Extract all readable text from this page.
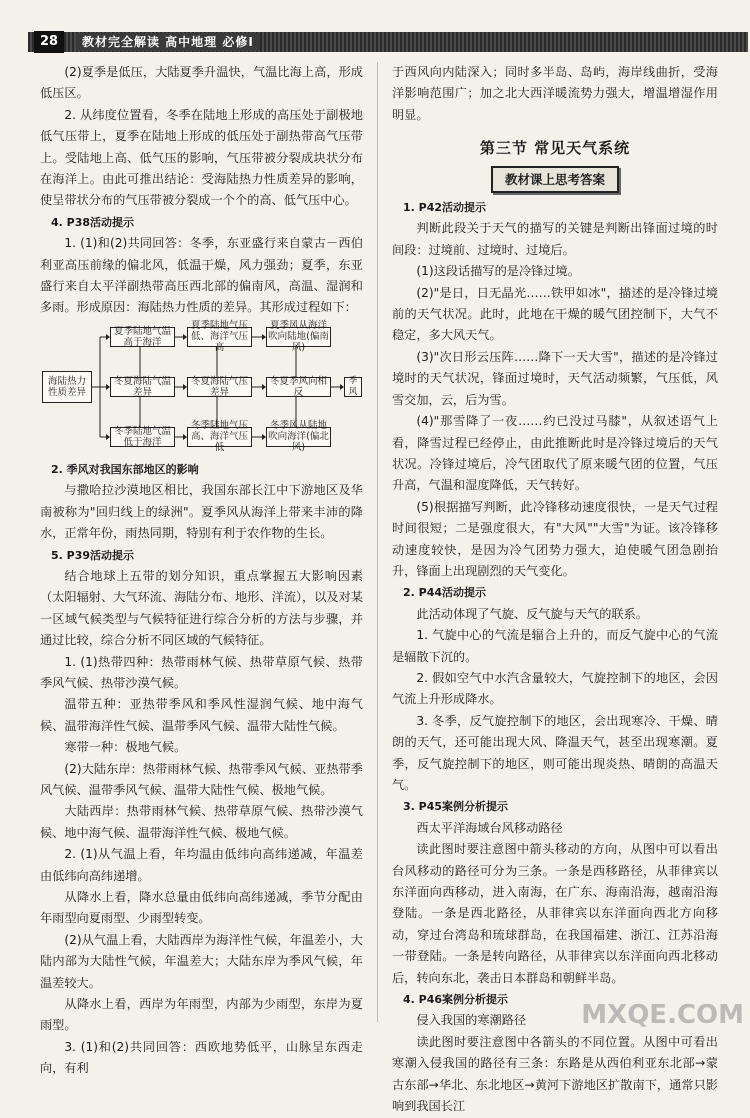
28	教材完全解读 高中地理 必修Ⅰ

(2)夏季是低压，大陆夏季升温快，气温比海上高，形成低压区。

2. 从纬度位置看，冬季在陆地上形成的高压处于副极地低气压带上，夏季在陆地上形成的低压处于副热带高气压带上。受陆地上高、低气压的影响，气压带被分裂成块状分布在海洋上。由此可推出结论：受海陆热力性质差异的影响，使呈带状分布的气压带被分裂成一个个的高、低气压中心。

4. P38活动提示

1. (1)和(2)共同回答：冬季，东亚盛行来自蒙古－西伯利亚高压前缘的偏北风，低温干燥，风力强劲；夏季，东亚盛行来自太平洋副热带高压西北部的偏南风，高温、湿润和多雨。形成原因：海陆热力性质的差异。其形成过程如下：

海陆热力 性质差异
夏季陆地气温高于海洋
夏季陆地气压低、海洋气压高
夏季风从海洋吹向陆地(偏南风)
冬夏海陆气温差异
冬夏海陆气压差异
冬夏季风向相反
季风
冬季陆地气温低于海洋
冬季陆地气压高、海洋气压低
冬季风从陆地吹向海洋(偏北风)

2. 季风对我国东部地区的影响

与撒哈拉沙漠地区相比，我国东部长江中下游地区及华南被称为"回归线上的绿洲"。夏季风从海洋上带来丰沛的降水，正常年份，雨热同期，特别有利于农作物的生长。

5. P39活动提示

结合地球上五带的划分知识，重点掌握五大影响因素（太阳辐射、大气环流、海陆分布、地形、洋流），以及对某一区域气候类型与气候特征进行综合分析的方法与步骤，并通过比较，综合分析不同区域的气候特征。

1. (1)热带四种：热带雨林气候、热带草原气候、热带季风气候、热带沙漠气候。

温带五种：亚热带季风和季风性湿润气候、地中海气候、温带海洋性气候、温带季风气候、温带大陆性气候。

寒带一种：极地气候。

(2)大陆东岸：热带雨林气候、热带季风气候、亚热带季风气候、温带季风气候、温带大陆性气候、极地气候。

大陆西岸：热带雨林气候、热带草原气候、热带沙漠气候、地中海气候、温带海洋性气候、极地气候。

2. (1)从气温上看，年均温由低纬向高纬递减，年温差由低纬向高纬递增。

从降水上看，降水总量由低纬向高纬递减，季节分配由年雨型向夏雨型、少雨型转变。

(2)从气温上看，大陆西岸为海洋性气候，年温差小，大陆内部为大陆性气候，年温差大；大陆东岸为季风气候，年温差较大。

从降水上看，西岸为年雨型，内部为少雨型，东岸为夏雨型。

3. (1)和(2)共同回答：西欧地势低平，山脉呈东西走向，有利

于西风向内陆深入；同时多半岛、岛屿，海岸线曲折，受海洋影响范围广；加之北大西洋暖流势力强大，增温增湿作用明显。

第三节 常见天气系统
教材课上思考答案

1. P42活动提示

判断此段关于天气的描写的关键是判断出锋面过境的时间段：过境前、过境时、过境后。

(1)这段话描写的是冷锋过境。

(2)"是日，日无晶光……铁甲如冰"，描述的是冷锋过境前的天气状况。此时，此地在干燥的暖气团控制下，大气不稳定，多大风天气。

(3)"次日形云压阵……降下一天大雪"，描述的是冷锋过境时的天气状况，锋面过境时，天气活动频繁，气压低，风雪交加，云，后为雪。

(4)"那雪降了一夜……约已没过马膝"，从叙述语气上看，降雪过程已经停止，由此推断此时是冷锋过境后的天气状况。冷锋过境后，冷气团取代了原来暖气团的位置，气压升高，气温和湿度降低，天气转好。

(5)根据描写判断，此冷锋移动速度很快，一是天气过程时间很短；二是强度很大，有"大风""大雪"为证。该冷锋移动速度较快，是因为冷气团势力强大，迫使暖气团急剧抬升，锋面上出现剧烈的天气变化。

2. P44活动提示

此活动体现了气旋、反气旋与天气的联系。

1. 气旋中心的气流是辐合上升的，而反气旋中心的气流是辐散下沉的。

2. 假如空气中水汽含量较大，气旋控制下的地区，会因气流上升形成降水。

3. 冬季，反气旋控制下的地区，会出现寒冷、干燥、晴朗的天气，还可能出现大风、降温天气，甚至出现寒潮。夏季，反气旋控制下的地区，则可能出现炎热、晴朗的高温天气。

3. P45案例分析提示

西太平洋海域台风移动路径

读此图时要注意图中箭头移动的方向，从图中可以看出台风移动的路径可分为三条。一条是西移路径，从菲律宾以东洋面向西移动，进入南海，在广东、海南沿海，越南沿海登陆。一条是西北路径，从菲律宾以东洋面向西北方向移动，穿过台湾岛和琉球群岛，在我国福建、浙江、江苏沿海一带登陆。一条是转向路径，从菲律宾以东洋面向西北移动后，转向东北，袭击日本群岛和朝鲜半岛。

4. P46案例分析提示

侵入我国的寒潮路径

读此图时要注意图中各箭头的不同位置。从图中可看出寒潮入侵我国的路径有三条：东路是从西伯利亚东北部→蒙古东部→华北、东北地区→黄河下游地区扩散南下，通常只影响到我国长江

MXQE.COM
